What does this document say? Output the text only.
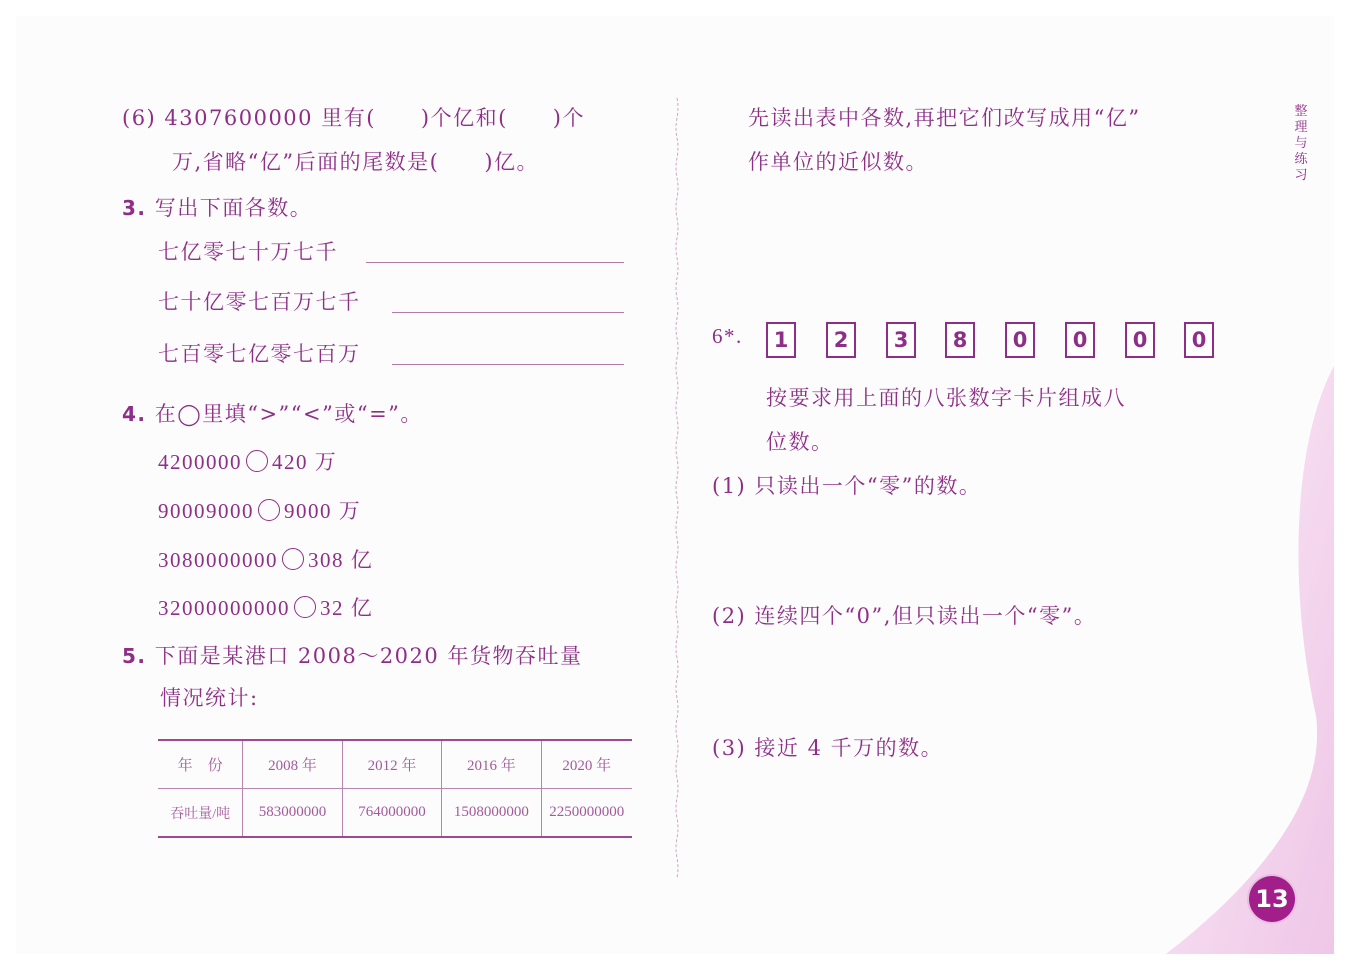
(6) 4307600000 里有(　　)个亿和(　　)个
万,省略“亿”后面的尾数是(　　)亿。
3. 写出下面各数。
七亿零七十万七千
七十亿零七百万七千
七百零七亿零七百万
4. 在◯里填“>”“<”或“=”。
4200000 420 万
90009000 9000 万
3080000000 308 亿
32000000000 32 亿
5. 下面是某港口 2008～2020 年货物吞吐量
情况统计:
年　份	2008 年	2012 年	2016 年	2020 年
吞吐量/吨	583000000	764000000	1508000000	2250000000
先读出表中各数,再把它们改写成用“亿”
作单位的近似数。
6*. 1 2 3 8 0 0 0 0
按要求用上面的八张数字卡片组成八
位数。
(1) 只读出一个“零”的数。
(2) 连续四个“0”,但只读出一个“零”。
(3) 接近 4 千万的数。
整
理
与
练
习
13
